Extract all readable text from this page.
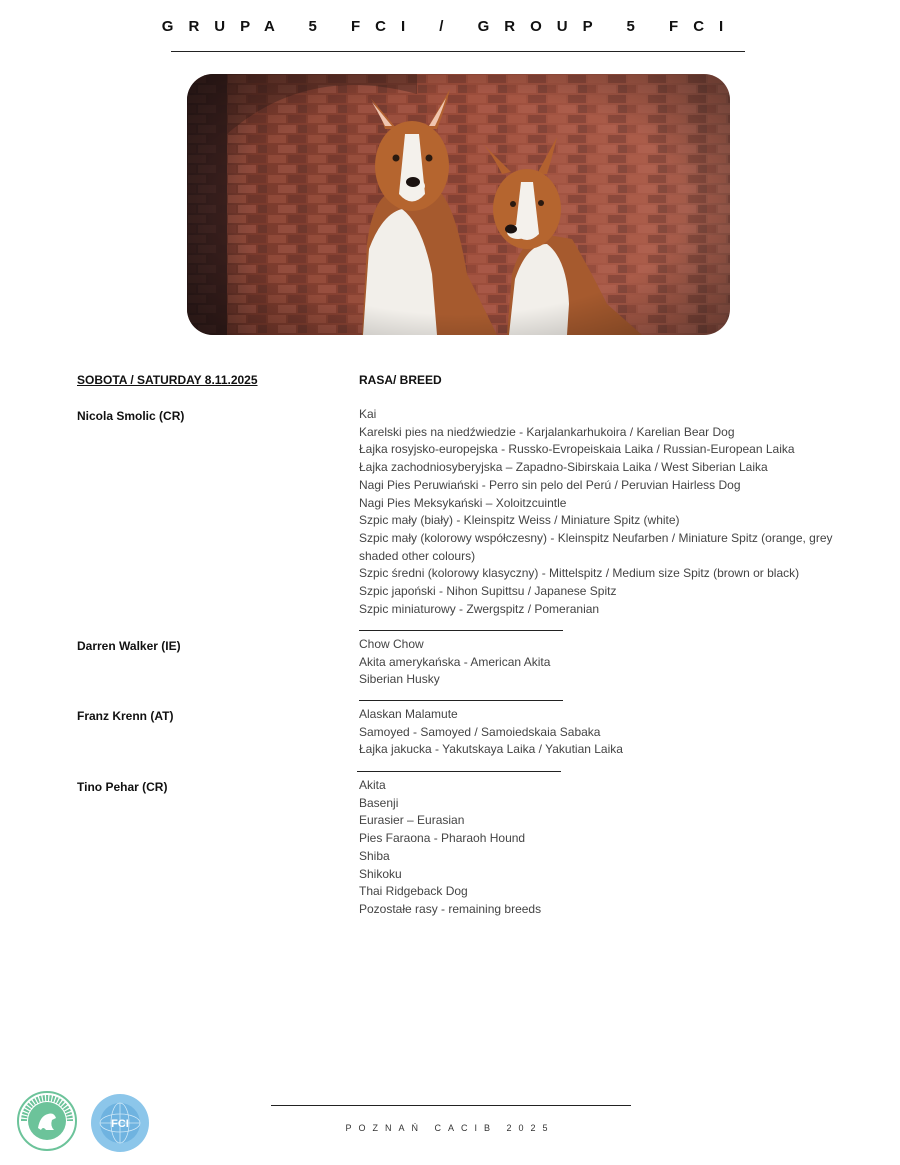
GRUPA 5 FCI / GROUP 5 FCI
SOBOTA / SATURDAY 8.11.2025	RASA/ BREED
Nicola Smolic (CR)	Kai
Karelski pies na niedźwiedzie - Karjalankarhukoira / Karelian Bear Dog
Łajka rosyjsko-europejska - Russko-Evropeiskaia Laika / Russian-European Laika
Łajka zachodniosyberyjska – Zapadno-Sibirskaia Laika / West Siberian Laika
Nagi Pies Peruwiański - Perro sin pelo del Perú / Peruvian Hairless Dog
Nagi Pies Meksykański – Xoloitzcuintle
Szpic mały (biały) - Kleinspitz Weiss / Miniature Spitz (white)
Szpic mały (kolorowy współczesny) - Kleinspitz Neufarben / Miniature Spitz (orange, grey shaded other colours)
Szpic średni (kolorowy klasyczny) - Mittelspitz / Medium size Spitz (brown or black)
Szpic japoński - Nihon Supittsu / Japanese Spitz
Szpic miniaturowy - Zwergspitz / Pomeranian
Darren Walker (IE)	Chow Chow
Akita amerykańska - American Akita
Siberian Husky
Franz Krenn (AT)	Alaskan Malamute
Samoyed - Samoyed / Samoiedskaia Sabaka
Łajka jakucka - Yakutskaya Laika / Yakutian Laika
Tino Pehar (CR)	Akita
Basenji
Eurasier – Eurasian
Pies Faraona - Pharaoh Hound
Shiba
Shikoku
Thai Ridgeback Dog
Pozostałe rasy - remaining breeds
FCI	POZNAŃ CACIB 2025
